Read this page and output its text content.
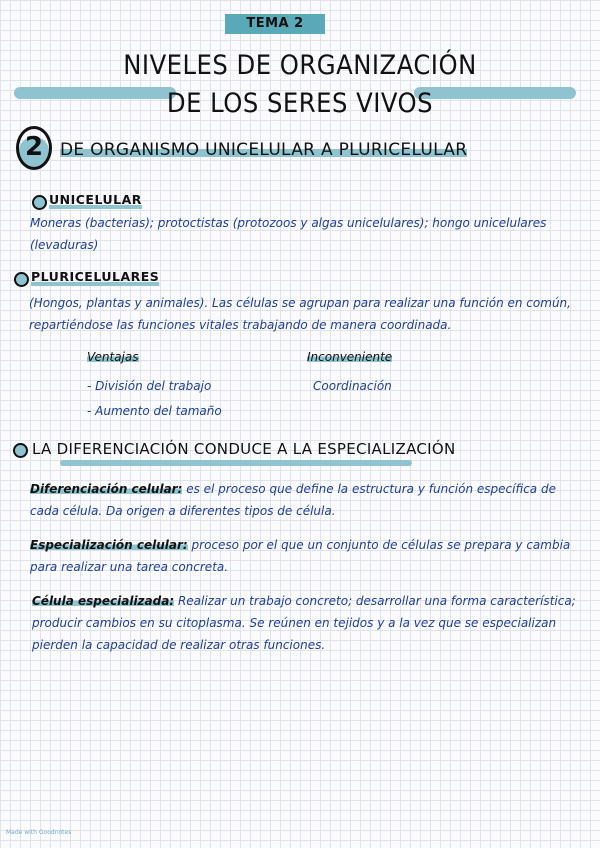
TEMA 2
NIVELES DE ORGANIZACIÓN
DE LOS SERES VIVOS
2 DE ORGANISMO UNICELULAR A PLURICELULAR
UNICELULAR
Moneras (bacterias); protoctistas (protozoos y algas unicelulares); hongo unicelulares (levaduras)
PLURICELULARES
(Hongos, plantas y animales). Las células se agrupan para realizar una función en común, repartiéndose las funciones vitales trabajando de manera coordinada.
Ventajas
- División del trabajo
- Aumento del tamaño
Inconveniente
Coordinación
LA DIFERENCIACIÓN CONDUCE A LA ESPECIALIZACIÓN
Diferenciación celular: es el proceso que define la estructura y función específica de cada célula. Da origen a diferentes tipos de célula.
Especialización celular: proceso por el que un conjunto de células se prepara y cambia para realizar una tarea concreta.
Célula especializada: Realizar un trabajo concreto; desarrollar una forma característica; producir cambios en su citoplasma. Se reúnen en tejidos y a la vez que se especializan pierden la capacidad de realizar otras funciones.
Made with Goodnotes
